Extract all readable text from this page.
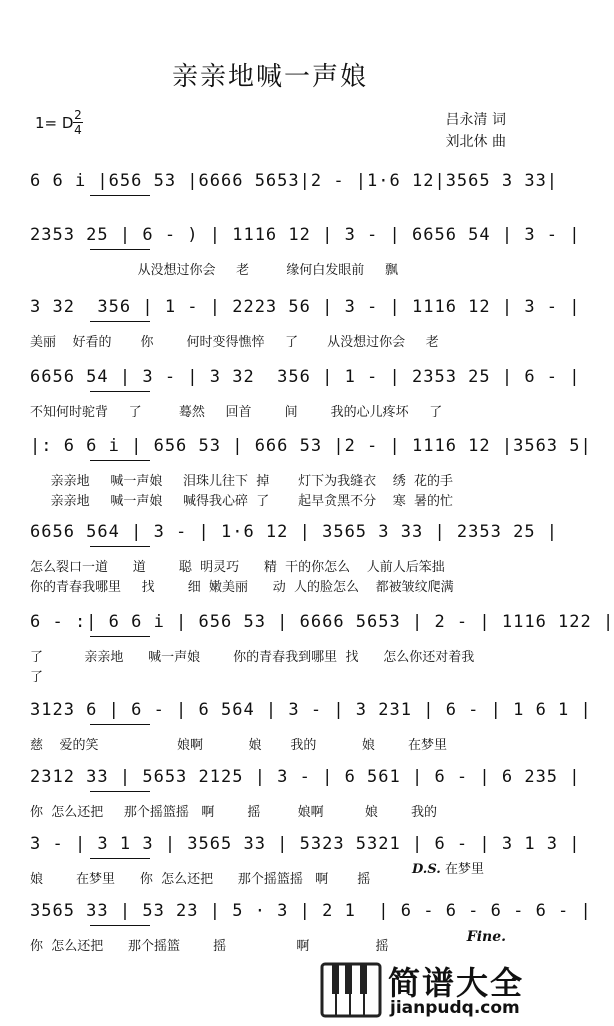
亲亲地喊一声娘
1= D 2
4
吕永清 词
刘北休 曲
6 6 i |656 53 |6666 5653|2 - |1·6 12|3565 3 33|
2353 25 | 6 - ) | 1116 12 | 3 - | 6656 54 | 3 - |
从没想过你会     老         缘何白发眼前     飘
3 32  356 | 1 - | 2223 56 | 3 - | 1116 12 | 3 - |
美丽    好看的       你        何时变得憔悴     了       从没想过你会     老
6656 54 | 3 - | 3 32  356 | 1 - | 2353 25 | 6 - |
不知何时驼背     了         蓦然     回首        间        我的心儿疼坏     了
|: 6 6 i | 656 53 | 666 53 |2 - | 1116 12 |3563 5|
亲亲地     喊一声娘     泪珠儿往下  掉       灯下为我缝衣    绣  花的手
亲亲地     喊一声娘     喊得我心碎  了       起早贪黑不分    寒  暑的忙
6656 564 | 3 - | 1·6 12 | 3565 3 33 | 2353 25 |
怎么裂口一道      道        聪  明灵巧      精  干的你怎么    人前人后笨拙
你的青春我哪里     找        细  嫩美丽      动  人的脸怎么    都被皱纹爬满
6 - :| 6 6 i | 656 53 | 6666 5653 | 2 - | 1116 122 |
了          亲亲地      喊一声娘        你的青春我到哪里  找      怎么你还对着我
了
3123 6 | 6 - | 6 564 | 3 - | 3 231 | 6 - | 1 6 1 |
慈    爱的笑                   娘啊           娘       我的           娘        在梦里
2312 33 | 5653 2125 | 3 - | 6 561 | 6 - | 6 235 |
你  怎么还把     那个摇篮摇   啊        摇         娘啊          娘        我的
3 - | 3 1 3 | 3565 33 | 5323 5321 | 6 - | 3 1 3 |
娘        在梦里      你  怎么还把      那个摇篮摇   啊       摇
3565 33 | 53 23 | 5 · 3 | 2 1  | 6 - 6 - 6 - 6 - |
你  怎么还把      那个摇篮        摇                 啊                摇
D.S. 在梦里
Fine.
简谱大全
jianpudq.com
